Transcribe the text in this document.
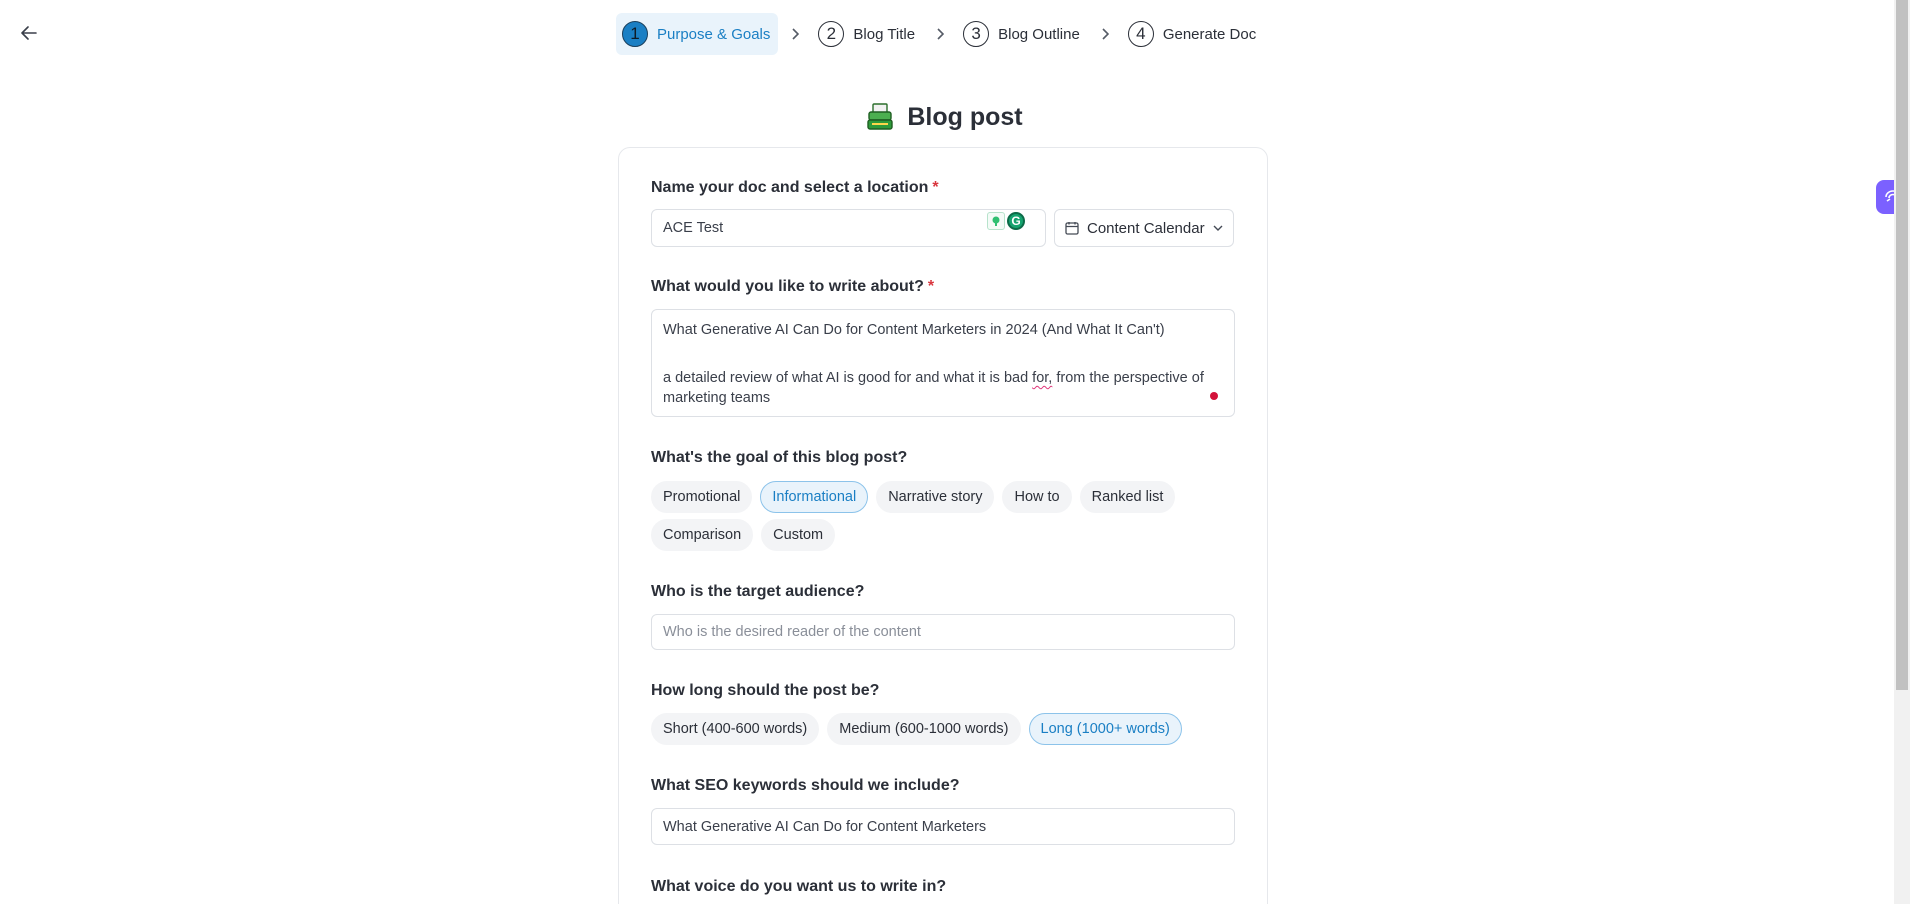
1	Purpose & Goals	2	Blog Title	3	Blog Outline	4	Generate Doc
Blog post
Name your doc and select a location *
ACE Test	G	Content Calendar
What would you like to write about? *

What Generative AI Can Do for Content Marketers in 2024 (And What It Can't)

a detailed review of what AI is good for and what it is bad for, from the perspective of marketing teams

What's the goal of this blog post?
Promotional	Informational	Narrative story	How to	Ranked list
Comparison	Custom
Who is the target audience?
Who is the desired reader of the content
How long should the post be?
Short (400-600 words)	Medium (600-1000 words)	Long (1000+ words)
What SEO keywords should we include?
What Generative AI Can Do for Content Marketers
What voice do you want us to write in?
